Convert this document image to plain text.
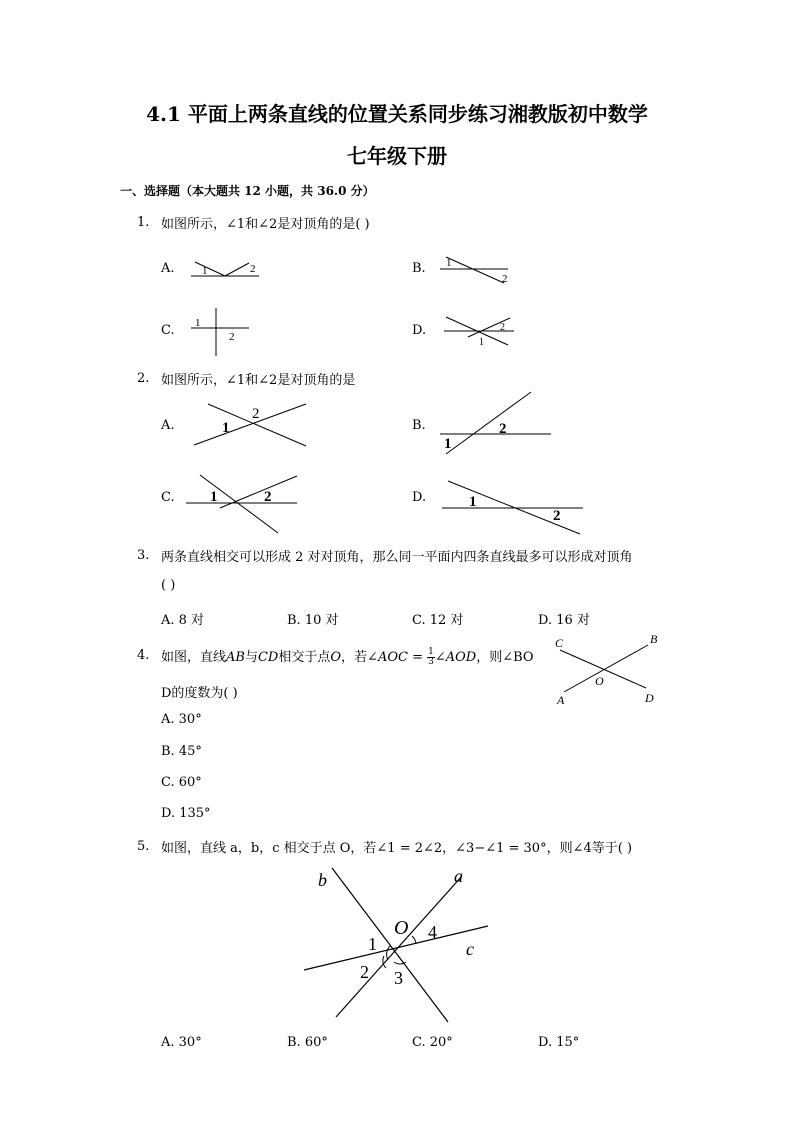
4.1 平面上两条直线的位置关系同步练习湘教版初中数学
七年级下册
一、选择题（本大题共 12 小题，共 36.0 分）
1. 如图所示，∠1和∠2是对顶角的是( )
A. 1	2	B. 1
2
C. 1
2	D.	2
1
2. 如图所示，∠1和∠2是对顶角的是
A.
2
1	B.
1
2
C. 1	2	D.	1
2
3. 两条直线相交可以形成 2 对对顶角，那么同一平面内四条直线最多可以形成对顶角
( )
A. 8 对	B. 10 对	C. 12 对	D. 16 对
4. 如图，直线AB与CD相交于点O，若∠AOC = $\frac{1}{3}$ ∠AOD，则∠BO
D的度数为( )
C	B
O
A	D
A. 30°
B. 45°
C. 60°
D. 135°
5. 如图，直线 a，b，c 相交于点 O，若∠1 = 2∠2，∠3−∠1 = 30°，则∠4等于( )
b	a
c
O
1
4
2 3
A. 30°	B. 60°	C. 20°	D. 15°
